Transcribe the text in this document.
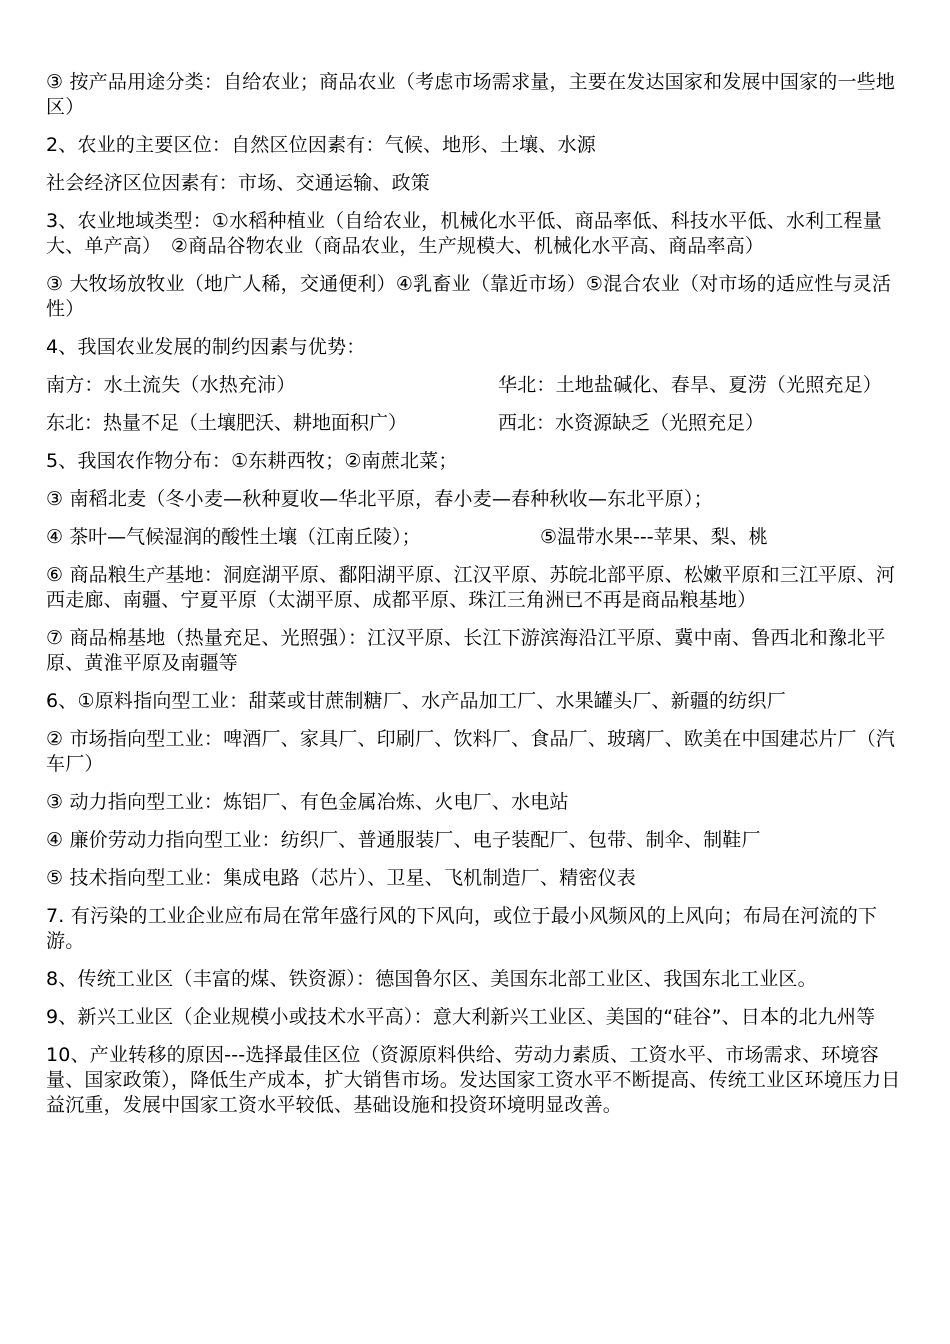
③ 按产品用途分类：自给农业；商品农业（考虑市场需求量，主要在发达国家和发展中国家的一些地区）

2、农业的主要区位：自然区位因素有：气候、地形、土壤、水源

社会经济区位因素有：市场、交通运输、政策

3、农业地域类型：①水稻种植业（自给农业，机械化水平低、商品率低、科技水平低、水利工程量大、单产高）　②商品谷物农业（商品农业，生产规模大、机械化水平高、商品率高）

③ 大牧场放牧业（地广人稀，交通便利）④乳畜业（靠近市场）⑤混合农业（对市场的适应性与灵活性）

4、我国农业发展的制约因素与优势：

南方：水土流失（水热充沛）	华北：土地盐碱化、春旱、夏涝（光照充足）

东北：热量不足（土壤肥沃、耕地面积广）	西北：水资源缺乏（光照充足）

5、我国农作物分布：①东耕西牧；②南蔗北菜；

③ 南稻北麦（冬小麦—秋种夏收—华北平原，春小麦—春种秋收—东北平原）；

④ 茶叶—气候湿润的酸性土壤（江南丘陵）；	⑤温带水果---苹果、梨、桃

⑥ 商品粮生产基地：洞庭湖平原、鄱阳湖平原、江汉平原、苏皖北部平原、松嫩平原和三江平原、河西走廊、南疆、宁夏平原（太湖平原、成都平原、珠江三角洲已不再是商品粮基地）

⑦ 商品棉基地（热量充足、光照强）：江汉平原、长江下游滨海沿江平原、冀中南、鲁西北和豫北平原、黄淮平原及南疆等

6、①原料指向型工业：甜菜或甘蔗制糖厂、水产品加工厂、水果罐头厂、新疆的纺织厂

② 市场指向型工业：啤酒厂、家具厂、印刷厂、饮料厂、食品厂、玻璃厂、欧美在中国建芯片厂（汽车厂）

③ 动力指向型工业：炼铝厂、有色金属冶炼、火电厂、水电站

④ 廉价劳动力指向型工业：纺织厂、普通服装厂、电子装配厂、包带、制伞、制鞋厂

⑤ 技术指向型工业：集成电路（芯片）、卫星、飞机制造厂、精密仪表

7. 有污染的工业企业应布局在常年盛行风的下风向，或位于最小风频风的上风向；布局在河流的下游。

8、传统工业区（丰富的煤、铁资源）：德国鲁尔区、美国东北部工业区、我国东北工业区。

9、新兴工业区（企业规模小或技术水平高）：意大利新兴工业区、美国的“硅谷”、日本的北九州等

10、产业转移的原因---选择最佳区位（资源原料供给、劳动力素质、工资水平、市场需求、环境容量、国家政策），降低生产成本，扩大销售市场。发达国家工资水平不断提高、传统工业区环境压力日益沉重，发展中国家工资水平较低、基础设施和投资环境明显改善。
